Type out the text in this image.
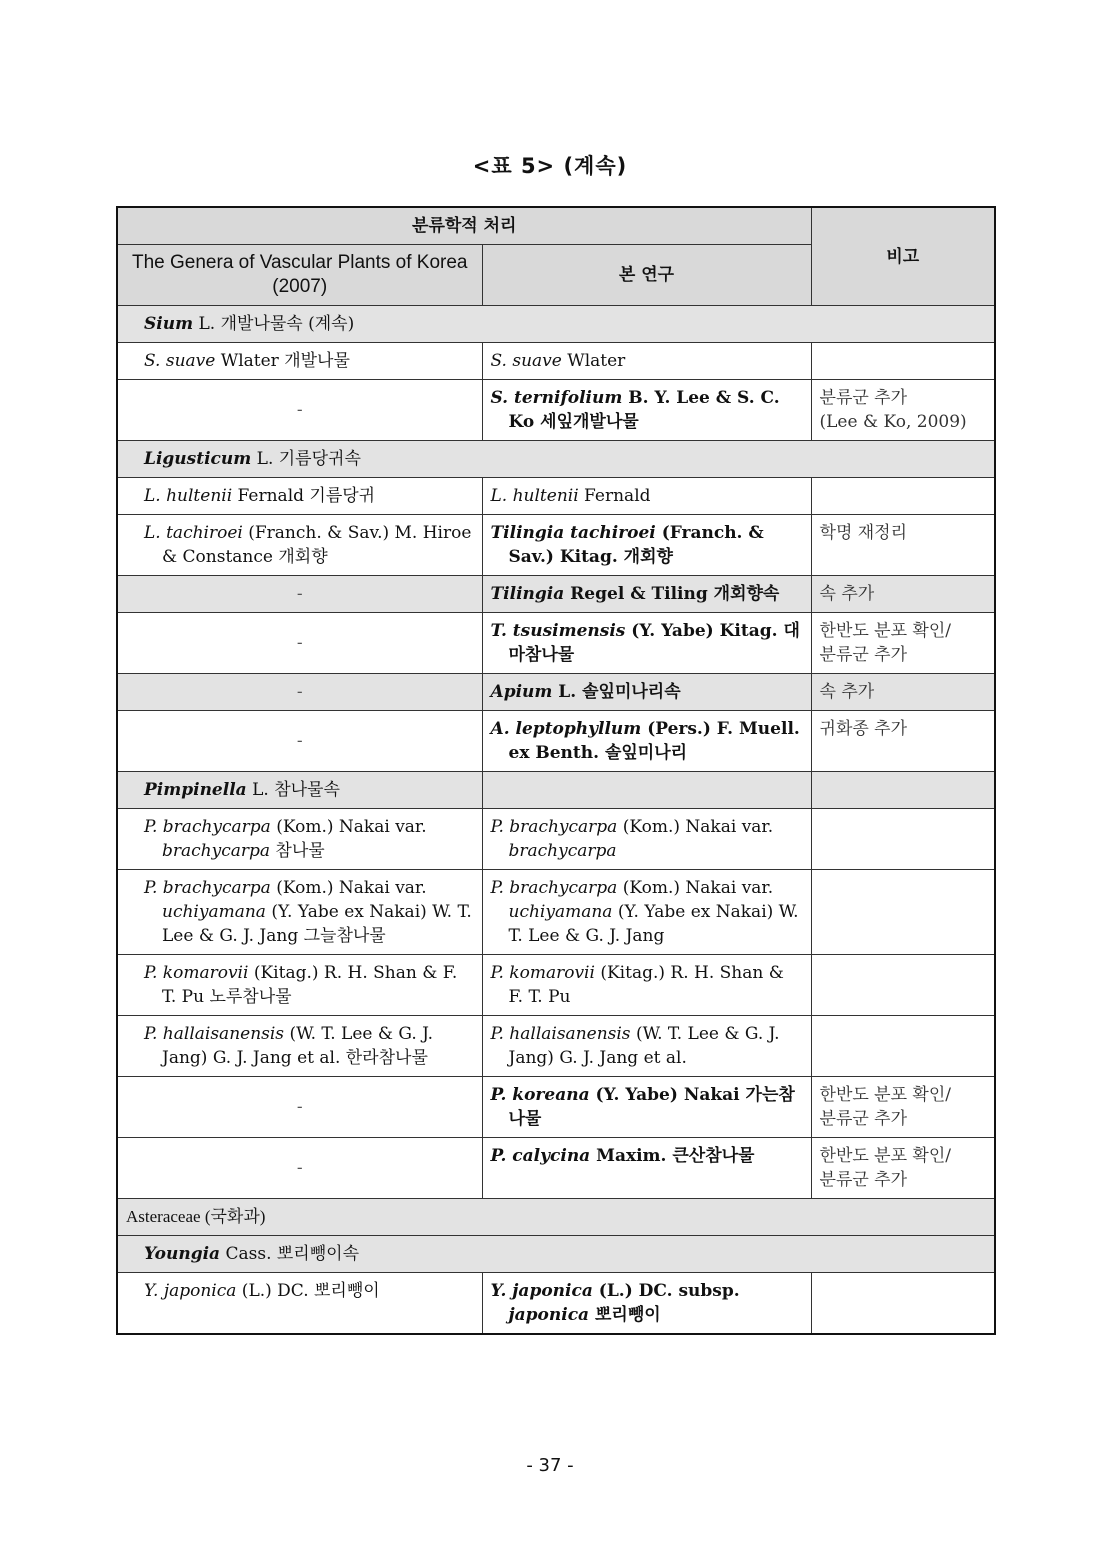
<표 5> (계속)
분류학적 처리		비고
The Genera of Vascular Plants of Korea (2007)	본 연구	
Sium L. 개발나물속 (계속)		
S. suave Wlater 개발나물	S. suave Wlater	
-	S. ternifolium B. Y. Lee & S. C. Ko 세잎개발나물	분류군 추가
(Lee & Ko, 2009)
Ligusticum L. 기름당귀속		
L. hultenii Fernald 기름당귀	L. hultenii Fernald	

L. tachiroei (Franch. & Sav.) M. Hiroe & Constance 개회향	Tilingia tachiroei (Franch. & Sav.) Kitag. 개회향	학명 재정리
-	Tilingia Regel & Tiling 개회향속	속 추가
-	T. tsusimensis (Y. Yabe) Kitag. 대마참나물	한반도 분포 확인/
분류군 추가
-	Apium L. 솔잎미나리속	속 추가
-	A. leptophyllum (Pers.) F. Muell. ex Benth. 솔잎미나리	귀화종 추가
Pimpinella L. 참나물속		

P. brachycarpa (Kom.) Nakai var. brachycarpa 참나물	P. brachycarpa (Kom.) Nakai var. brachycarpa	

P. brachycarpa (Kom.) Nakai var. uchiyamana (Y. Yabe ex Nakai) W. T. Lee & G. J. Jang 그늘참나물	P. brachycarpa (Kom.) Nakai var. uchiyamana (Y. Yabe ex Nakai) W. T. Lee & G. J. Jang	

P. komarovii (Kitag.) R. H. Shan & F. T. Pu 노루참나물	P. komarovii (Kitag.) R. H. Shan & F. T. Pu	

P. hallaisanensis (W. T. Lee & G. J. Jang) G. J. Jang et al. 한라참나물	P. hallaisanensis (W. T. Lee & G. J. Jang) G. J. Jang et al.	

-	P. koreana (Y. Yabe) Nakai 가는참나물	한반도 분포 확인/
분류군 추가
-	P. calycina Maxim. 큰산참나물	한반도 분포 확인/
분류군 추가
Asteraceae (국화과)		
Youngia Cass. 뽀리뺑이속		
Y. japonica (L.) DC. 뽀리뺑이	Y. japonica (L.) DC. subsp. japonica 뽀리뺑이	

- 37 -
